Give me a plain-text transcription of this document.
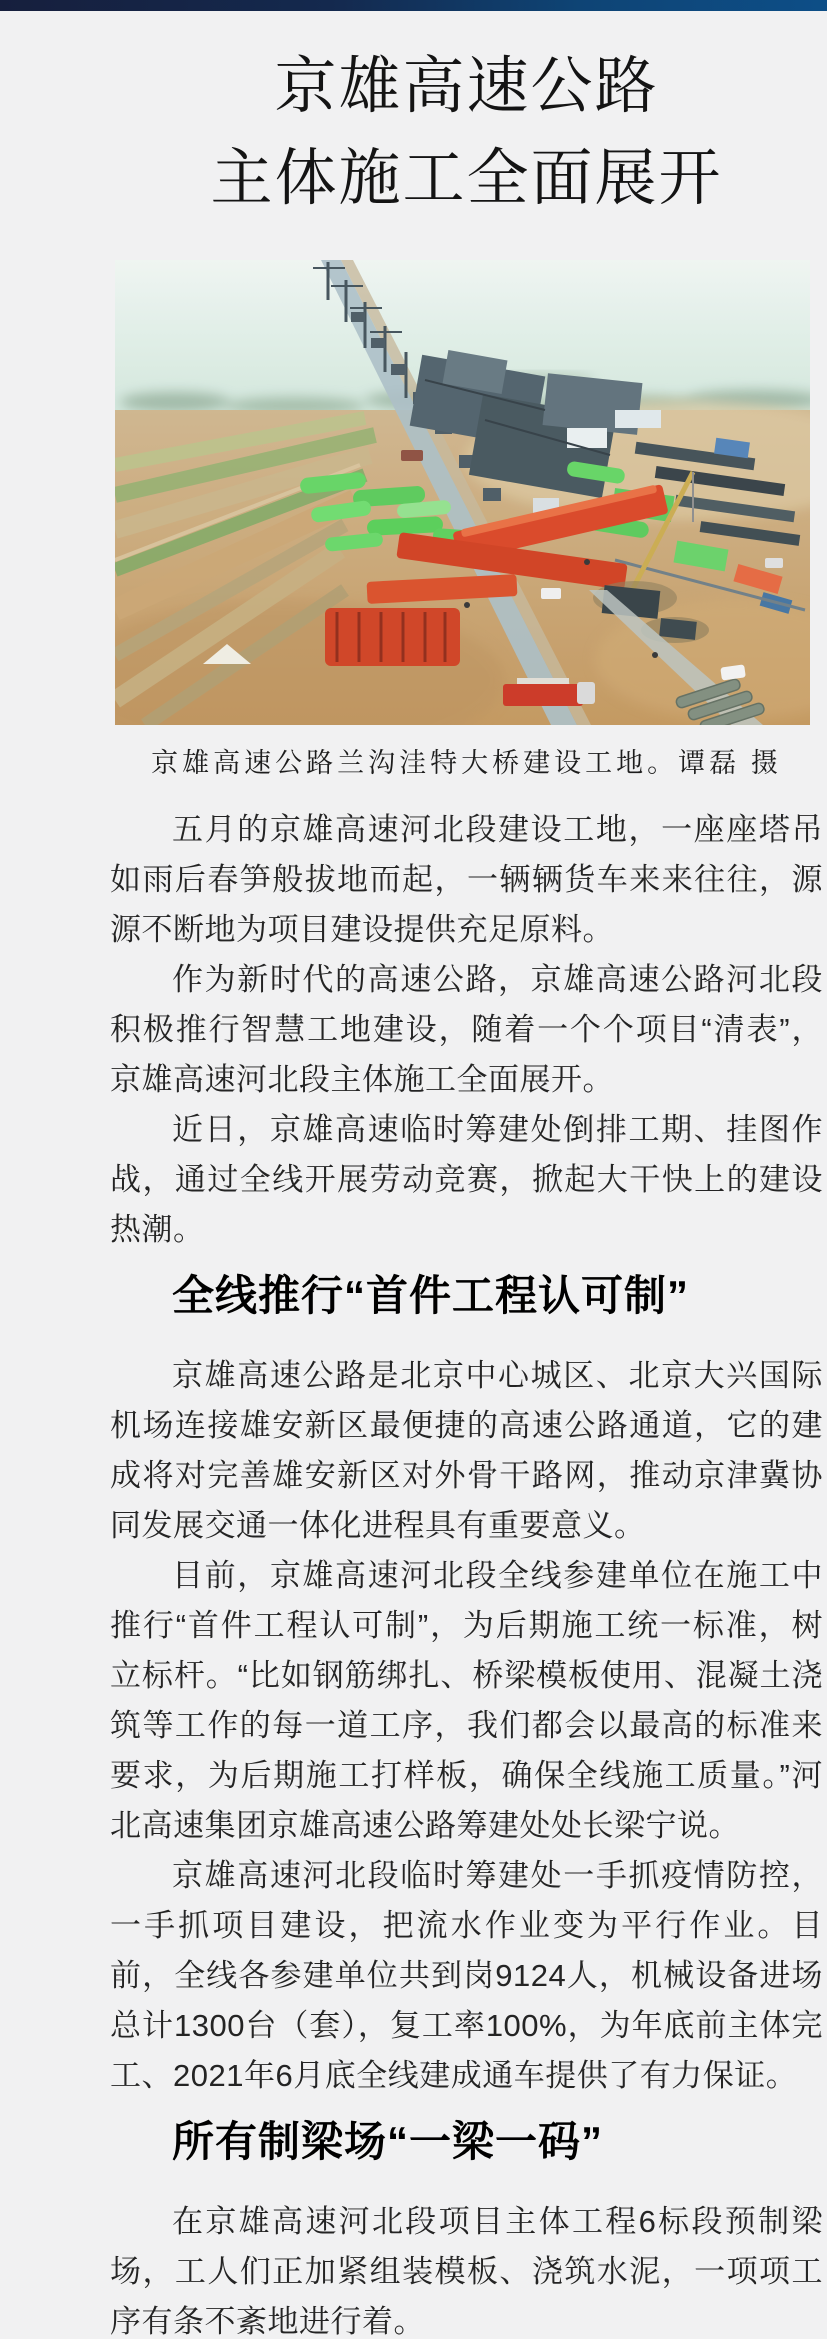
京雄高速公路
主体施工全面展开
京雄高速公路兰沟洼特大桥建设工地。谭磊 摄

五月的京雄高速河北段建设工地，一座座塔吊如雨后春笋般拔地而起，一辆辆货车来来往往，源源不断地为项目建设提供充足原料。

作为新时代的高速公路，京雄高速公路河北段积极推行智慧工地建设，随着一个个项目“清表”，京雄高速河北段主体施工全面展开。

近日，京雄高速临时筹建处倒排工期、挂图作战，通过全线开展劳动竞赛，掀起大干快上的建设热潮。

全线推行“首件工程认可制”

京雄高速公路是北京中心城区、北京大兴国际机场连接雄安新区最便捷的高速公路通道，它的建成将对完善雄安新区对外骨干路网，推动京津冀协同发展交通一体化进程具有重要意义。

目前，京雄高速河北段全线参建单位在施工中推行“首件工程认可制”，为后期施工统一标准，树立标杆。“比如钢筋绑扎、桥梁模板使用、混凝土浇筑等工作的每一道工序，我们都会以最高的标准来要求，为后期施工打样板，确保全线施工质量。”河北高速集团京雄高速公路筹建处处长梁宁说。

京雄高速河北段临时筹建处一手抓疫情防控，一手抓项目建设，把流水作业变为平行作业。目前，全线各参建单位共到岗9124人，机械设备进场总计1300台（套），复工率100%，为年底前主体完工、2021年6月底全线建成通车提供了有力保证。

所有制梁场“一梁一码”

在京雄高速河北段项目主体工程6标段预制梁场，工人们正加紧组装模板、浇筑水泥，一项项工序有条不紊地进行着。
